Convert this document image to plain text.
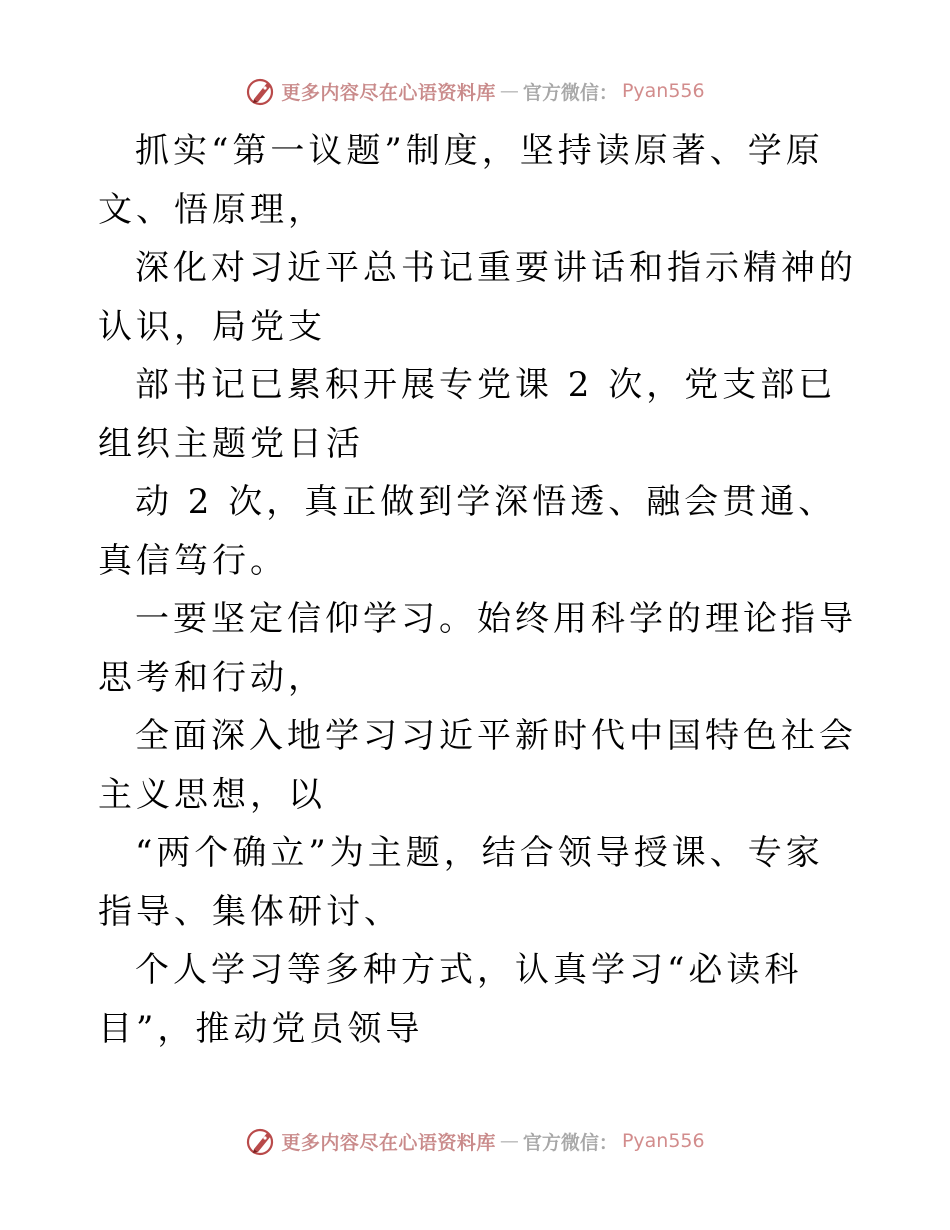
更多内容尽在心语资料库 — 官方微信： Pyan556

抓实“第一议题”制度，坚持读原著、学原文、悟原理，

深化对习近平总书记重要讲话和指示精神的认识，局党支

部书记已累积开展专党课 2 次，党支部已组织主题党日活

动 2 次，真正做到学深悟透、融会贯通、真信笃行。

一要坚定信仰学习。始终用科学的理论指导思考和行动，

全面深入地学习习近平新时代中国特色社会主义思想，以

“两个确立”为主题，结合领导授课、专家指导、集体研讨、

个人学习等多种方式，认真学习“必读科目”，推动党员领导

更多内容尽在心语资料库 — 官方微信： Pyan556
